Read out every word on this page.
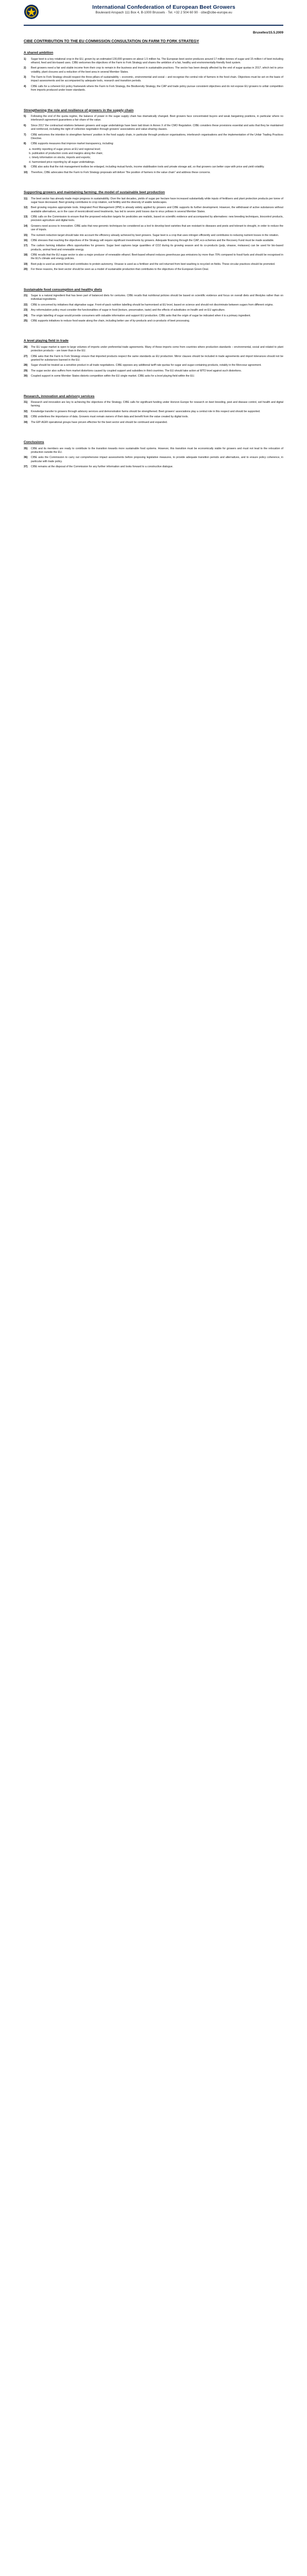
International Confederation of European Beet Growers
Boulevard Anspach 111 Box 4, B-1000 Brussels · Tel. +32 2 504 60 90 · cibe@cibe-europe.eu
Bruxelles/15.5.2009
CIBE CONTRIBUTION TO THE EU COMMISSION CONSULTATION ON FARM TO FORK STRATEGY
A shared ambition
1) Sugar beet is a key rotational crop in the EU, grown by an estimated 130,000 growers on about 1.5 million ha. The European beet sector produces around 17 million tonnes of sugar and 15 million t of beet including ethanol, feed and bio-based uses. CIBE welcomes the objectives of the Farm to Fork Strategy and shares the ambition of a fair, healthy and environmentally-friendly food system.
2) Beet growers need a fair and stable income from their crop to remain in the business and invest in sustainable practices. The sector has been deeply affected by the end of sugar quotas in 2017, which led to price volatility, plant closures and a reduction of the beet area in several Member States.
3) The Farm to Fork Strategy should respect the three pillars of sustainability – economic, environmental and social – and recognise the central role of farmers in the food chain. Objectives must be set on the basis of impact assessments and be accompanied by adequate tools, research and transition periods.
4) CIBE calls for a coherent EU policy framework where the Farm to Fork Strategy, the Biodiversity Strategy, the CAP and trade policy pursue consistent objectives and do not expose EU growers to unfair competition from imports produced under lower standards.
Strengthening the role and resilience of growers in the supply chain
5) Following the end of the quota regime, the balance of power in the sugar supply chain has dramatically changed. Beet growers face concentrated buyers and weak bargaining positions, in particular where no interbranch agreement guarantees a fair share of the value.
6) Since 2017 the contractual relations between growers and sugar undertakings have been laid down in Annex X of the CMO Regulation. CIBE considers these provisions essential and asks that they be maintained and reinforced, including the right of collective negotiation through growers' associations and value-sharing clauses.
7) CIBE welcomes the intention to strengthen farmers' position in the food supply chain, in particular through producer organisations, interbranch organisations and the implementation of the Unfair Trading Practices Directive.
8) CIBE supports measures that improve market transparency, including:
a. monthly reporting of sugar prices at EU and regional level;
b. publication of production costs and margins along the chain;
c. timely information on stocks, imports and exports;
d. harmonised price reporting by all sugar undertakings.
9) CIBE also asks that the risk management toolbox be enlarged, including mutual funds, income stabilisation tools and private storage aid, so that growers can better cope with price and yield volatility.
10) Therefore, CIBE advocates that the Farm to Fork Strategy proposals will deliver "the position of farmers in the value chain" and address these concerns.
Supporting growers and maintaining farming: the model of sustainable beet production
11) The beet sector has already made major progress in sustainability. Over the last decades, yields of sugar per hectare have increased substantially while inputs of fertilisers and plant protection products per tonne of sugar have decreased. Beet growing contributes to crop rotation, soil fertility and the diversity of arable landscapes.
12) Beet growing requires appropriate tools. Integrated Pest Management (IPM) is already widely applied by growers and CIBE supports its further development. However, the withdrawal of active substances without available alternatives, as in the case of neonicotinoid seed treatments, has led to severe yield losses due to virus yellows in several Member States.
13) CIBE calls on the Commission to ensure that the proposed reduction targets for pesticides are realistic, based on scientific evidence and accompanied by alternatives: new breeding techniques, biocontrol products, precision agriculture and digital tools.
14) Growers need access to innovation. CIBE asks that new genomic techniques be considered as a tool to develop beet varieties that are resistant to diseases and pests and tolerant to drought, in order to reduce the use of inputs.
15) The nutrient reduction target should take into account the efficiency already achieved by beet growers. Sugar beet is a crop that uses nitrogen efficiently and contributes to reducing nutrient losses in the rotation.
16) CIBE stresses that reaching the objectives of the Strategy will require significant investments by growers. Adequate financing through the CAP, eco-schemes and the Recovery Fund must be made available.
17) The carbon farming initiative offers opportunities for growers. Sugar beet captures large quantities of CO2 during its growing season and its co-products (pulp, vinasse, molasses) can be used for bio-based products, animal feed and renewable energy.
18) CIBE recalls that the EU sugar sector is also a major producer of renewable ethanol. Beet-based ethanol reduces greenhouse gas emissions by more than 70% compared to fossil fuels and should be recognised in the EU's climate and energy policies.
19) Beet pulp is used as animal feed and contributes to protein autonomy. Vinasse is used as a fertiliser and the soil returned from beet washing is recycled on fields. These circular practices should be promoted.
20) For these reasons, the beet sector should be seen as a model of sustainable production that contributes to the objectives of the European Green Deal.
Sustainable food consumption and healthy diets
21) Sugar is a natural ingredient that has been part of balanced diets for centuries. CIBE recalls that nutritional policies should be based on scientific evidence and focus on overall diets and lifestyles rather than on individual ingredients.
22) CIBE is concerned by initiatives that stigmatise sugar. Front-of-pack nutrition labelling should be harmonised at EU level, based on science and should not discriminate between sugars from different origins.
23) Any reformulation policy must consider the functionalities of sugar in food (texture, preservation, taste) and the effects of substitutes on health and on EU agriculture.
24) The origin labelling of sugar would provide consumers with valuable information and support EU production. CIBE asks that the origin of sugar be indicated when it is a primary ingredient.
25) CIBE supports initiatives to reduce food waste along the chain, including better use of by-products and co-products of beet processing.
A level playing field in trade
26) The EU sugar market is open to large volumes of imports under preferential trade agreements. Many of these imports come from countries where production standards – environmental, social and related to plant protection products – are lower than in the EU.
27) CIBE asks that the Farm to Fork Strategy ensure that imported products respect the same standards as EU production. Mirror clauses should be included in trade agreements and import tolerances should not be granted for substances banned in the EU.
28) Sugar should be treated as a sensitive product in all trade negotiations. CIBE opposes any additional tariff rate quotas for sugar and sugar-containing products, notably in the Mercosur agreement.
29) The sugar sector also suffers from market distortions caused by coupled support and subsidies in third countries. The EU should take action at WTO level against such distortions.
30) Coupled support in some Member States distorts competition within the EU single market. CIBE asks for a level playing field within the EU.
Research, innovation and advisory services
31) Research and innovation are key to achieving the objectives of the Strategy. CIBE calls for significant funding under Horizon Europe for research on beet breeding, pest and disease control, soil health and digital farming.
32) Knowledge transfer to growers through advisory services and demonstration farms should be strengthened. Beet growers' associations play a central role in this respect and should be supported.
33) CIBE underlines the importance of data. Growers must remain owners of their data and benefit from the value created by digital tools.
34) The EIP-AGRI operational groups have proven effective for the beet sector and should be continued and expanded.
Conclusions
35) CIBE and its members are ready to contribute to the transition towards more sustainable food systems. However, this transition must be economically viable for growers and must not lead to the relocation of production outside the EU.
36) CIBE asks the Commission to carry out comprehensive impact assessments before proposing legislative measures, to provide adequate transition periods and alternatives, and to ensure policy coherence, in particular with trade policy.
37) CIBE remains at the disposal of the Commission for any further information and looks forward to a constructive dialogue.
